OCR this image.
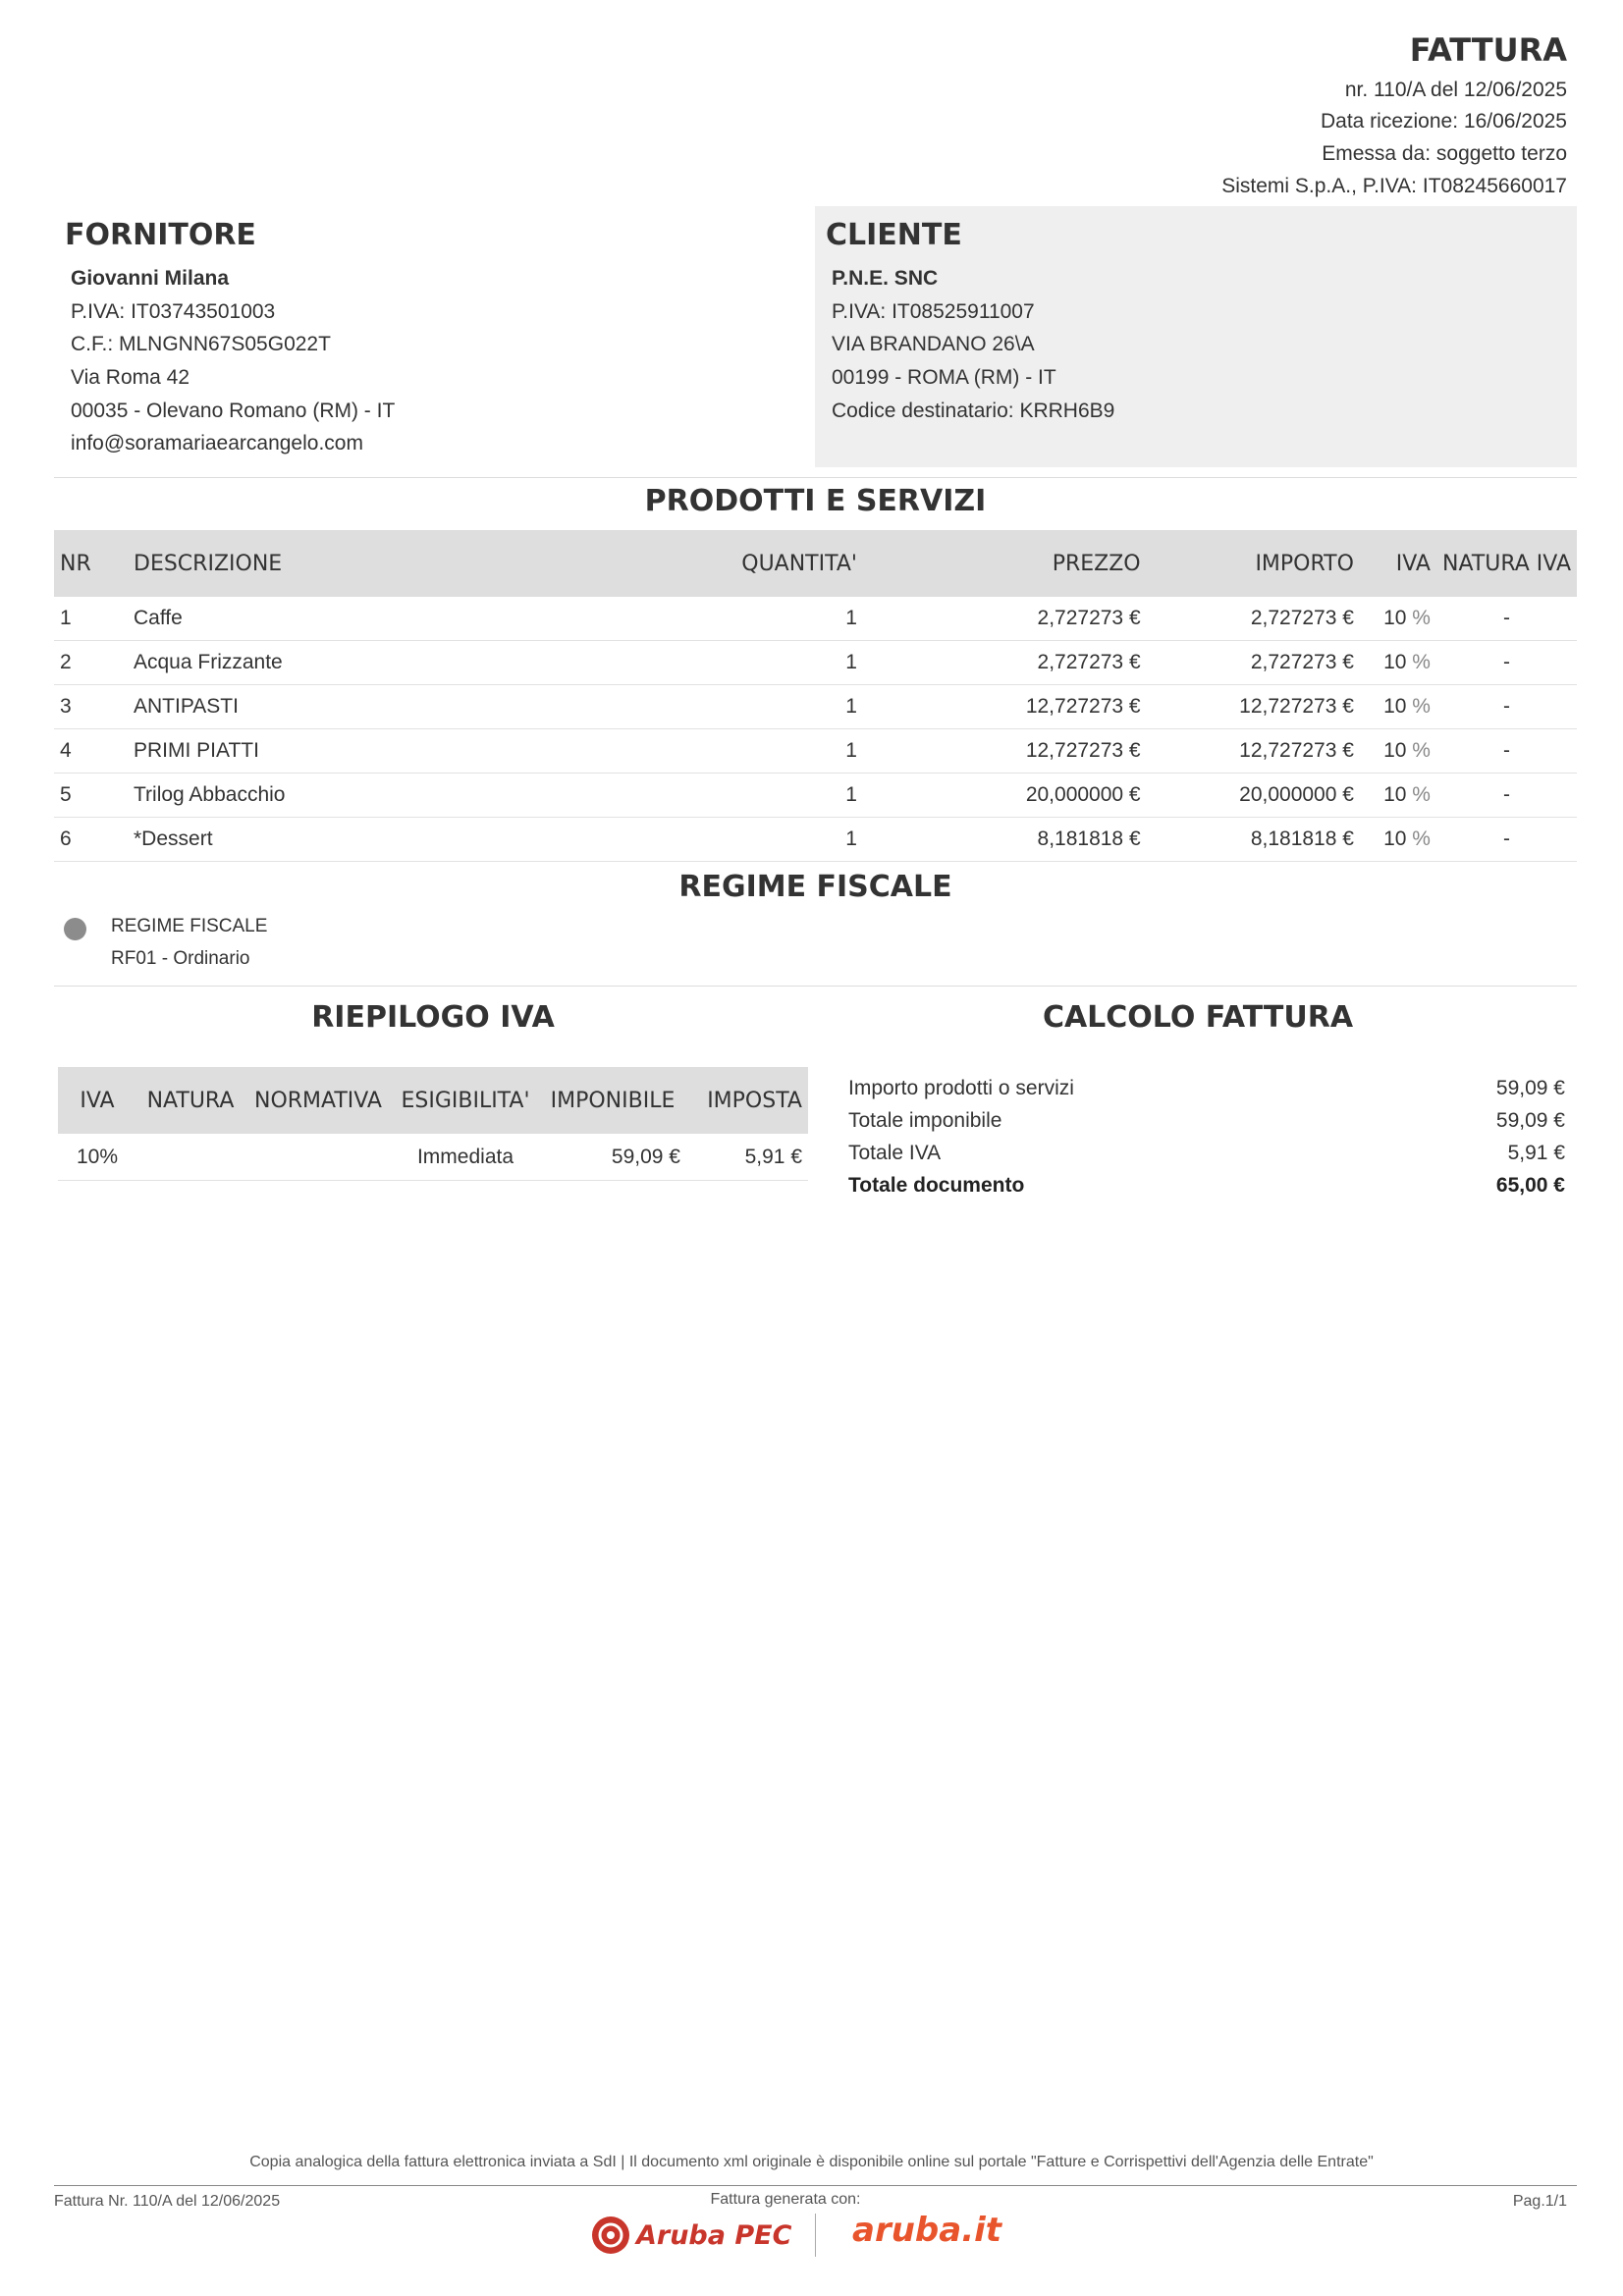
FATTURA
nr. 110/A del 12/06/2025
Data ricezione: 16/06/2025
Emessa da: soggetto terzo
Sistemi S.p.A., P.IVA: IT08245660017
FORNITORE
Giovanni Milana
P.IVA: IT03743501003
C.F.: MLNGNN67S05G022T
Via Roma 42
00035 - Olevano Romano (RM) - IT
info@soramariaearcangelo.com
CLIENTE
P.N.E. SNC
P.IVA: IT08525911007
VIA BRANDANO 26\A
00199 - ROMA (RM) - IT
Codice destinatario: KRRH6B9
PRODOTTI E SERVIZI
NR	DESCRIZIONE	QUANTITA'	PREZZO	IMPORTO	IVA	NATURA IVA
1	Caffe	1	2,727273 €	2,727273 €	10 %	-
2	Acqua Frizzante	1	2,727273 €	2,727273 €	10 %	-
3	ANTIPASTI	1	12,727273 €	12,727273 €	10 %	-
4	PRIMI PIATTI	1	12,727273 €	12,727273 €	10 %	-
5	Trilog Abbacchio	1	20,000000 €	20,000000 €	10 %	-
6	*Dessert	1	8,181818 €	8,181818 €	10 %	-
REGIME FISCALE
REGIME FISCALE
RF01 - Ordinario
RIEPILOGO IVA
IVA	NATURA	NORMATIVA	ESIGIBILITA'	IMPONIBILE	IMPOSTA
10%			Immediata	59,09 €	5,91 €
CALCOLO FATTURA
Importo prodotti o servizi	59,09 €
Totale imponibile	59,09 €
Totale IVA	5,91 €
Totale documento	65,00 €
Copia analogica della fattura elettronica inviata a SdI | Il documento xml originale è disponibile online sul portale "Fatture e Corrispettivi dell'Agenzia delle Entrate"
Fattura Nr. 110/A del 12/06/2025	Fattura generata con:	Pag.1/1
Aruba PEC aruba.it
